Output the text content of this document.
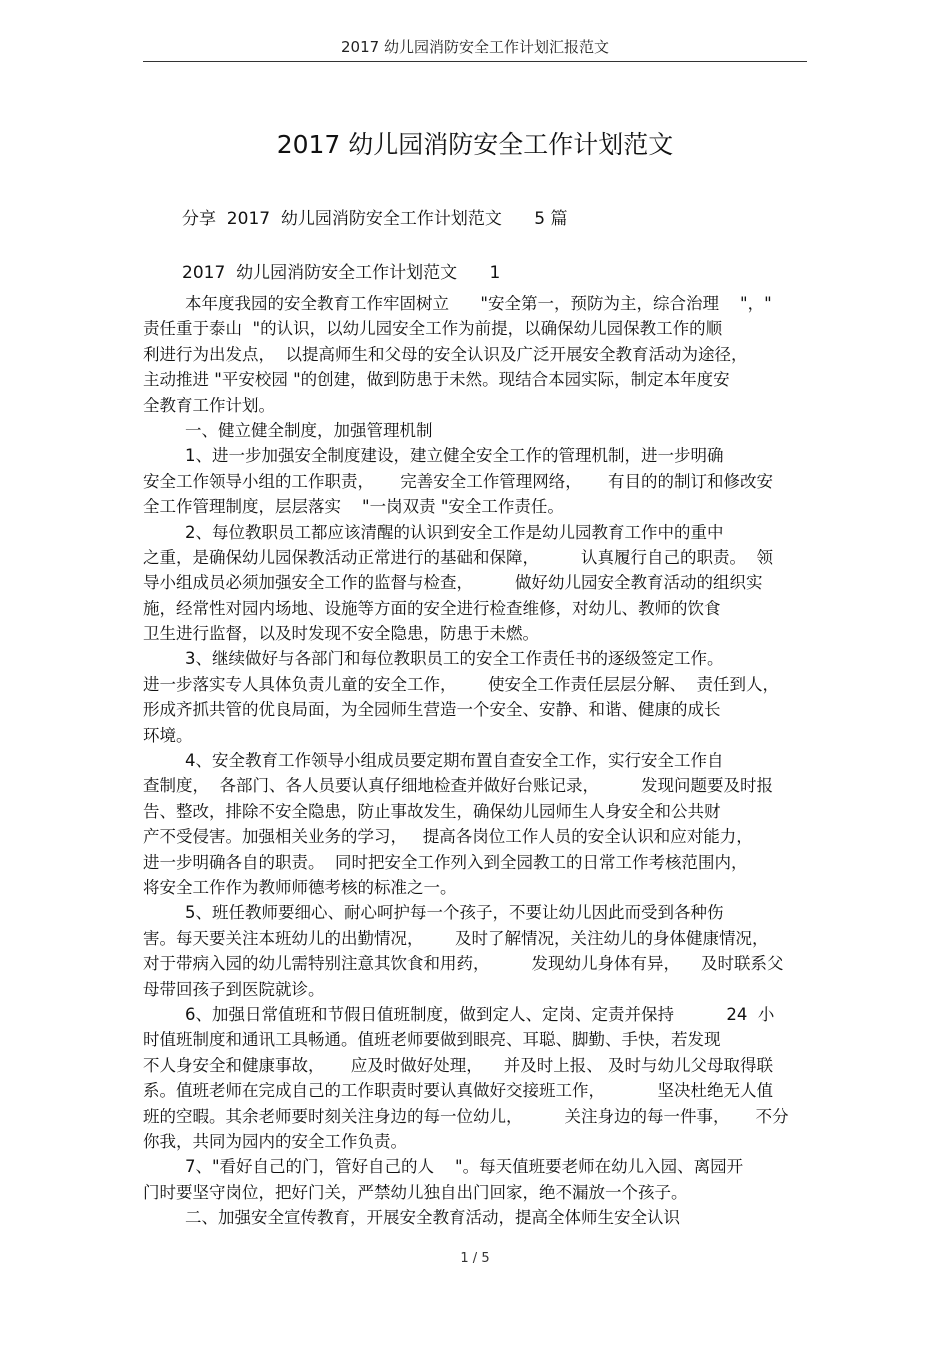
2017 幼儿园消防安全工作计划汇报范文
2017 幼儿园消防安全工作计划范文
分享  2017  幼儿园消防安全工作计划范文      5 篇
2017  幼儿园消防安全工作计划范文      1
本年度我园的安全教育工作牢固树立      "安全第一，预防为主，综合治理    "，"
责任重于泰山  "的认识，以幼儿园安全工作为前提，以确保幼儿园保教工作的顺
利进行为出发点，  以提高师生和父母的安全认识及广泛开展安全教育活动为途径，
主动推进 "平安校园 "的创建，做到防患于未然。现结合本园实际，制定本年度安
全教育工作计划。
一、健立健全制度，加强管理机制
1、进一步加强安全制度建设，建立健全安全工作的管理机制，进一步明确
安全工作领导小组的工作职责，     完善安全工作管理网络，     有目的的制订和修改安
全工作管理制度，层层落实    "一岗双责 "安全工作责任。
2、每位教职员工都应该清醒的认识到安全工作是幼儿园教育工作中的重中
之重，是确保幼儿园保教活动正常进行的基础和保障，        认真履行自己的职责。  领
导小组成员必须加强安全工作的监督与检查，        做好幼儿园安全教育活动的组织实
施，经常性对园内场地、设施等方面的安全进行检查维修，对幼儿、教师的饮食
卫生进行监督，以及时发现不安全隐患，防患于未燃。
3、继续做好与各部门和每位教职员工的安全工作责任书的逐级签定工作。
进一步落实专人具体负责儿童的安全工作，      使安全工作责任层层分解、  责任到人，
形成齐抓共管的优良局面，为全园师生营造一个安全、安静、和谐、健康的成长
环境。
4、安全教育工作领导小组成员要定期布置自查安全工作，实行安全工作自
查制度，  各部门、各人员要认真仔细地检查并做好台账记录，        发现问题要及时报
告、整改，排除不安全隐患，防止事故发生，确保幼儿园师生人身安全和公共财
产不受侵害。加强相关业务的学习，   提高各岗位工作人员的安全认识和应对能力，
进一步明确各自的职责。  同时把安全工作列入到全园教工的日常工作考核范围内，
将安全工作作为教师师德考核的标准之一。
5、班任教师要细心、耐心呵护每一个孩子，不要让幼儿因此而受到各种伤
害。每天要关注本班幼儿的出勤情况，      及时了解情况，关注幼儿的身体健康情况，
对于带病入园的幼儿需特别注意其饮食和用药，        发现幼儿身体有异，    及时联系父
母带回孩子到医院就诊。
6、加强日常值班和节假日值班制度，做到定人、定岗、定责并保持          24  小
时值班制度和通讯工具畅通。值班老师要做到眼亮、耳聪、脚勤、手快，若发现
不人身安全和健康事故，     应及时做好处理，    并及时上报、 及时与幼儿父母取得联
系。值班老师在完成自己的工作职责时要认真做好交接班工作，          坚决杜绝无人值
班的空暇。其余老师要时刻关注身边的每一位幼儿，        关注身边的每一件事，     不分
你我，共同为园内的安全工作负责。
7、"看好自己的门，管好自己的人    "。每天值班要老师在幼儿入园、离园开
门时要坚守岗位，把好门关，严禁幼儿独自出门回家，绝不漏放一个孩子。
二、加强安全宣传教育，开展安全教育活动，提高全体师生安全认识
1 / 5
